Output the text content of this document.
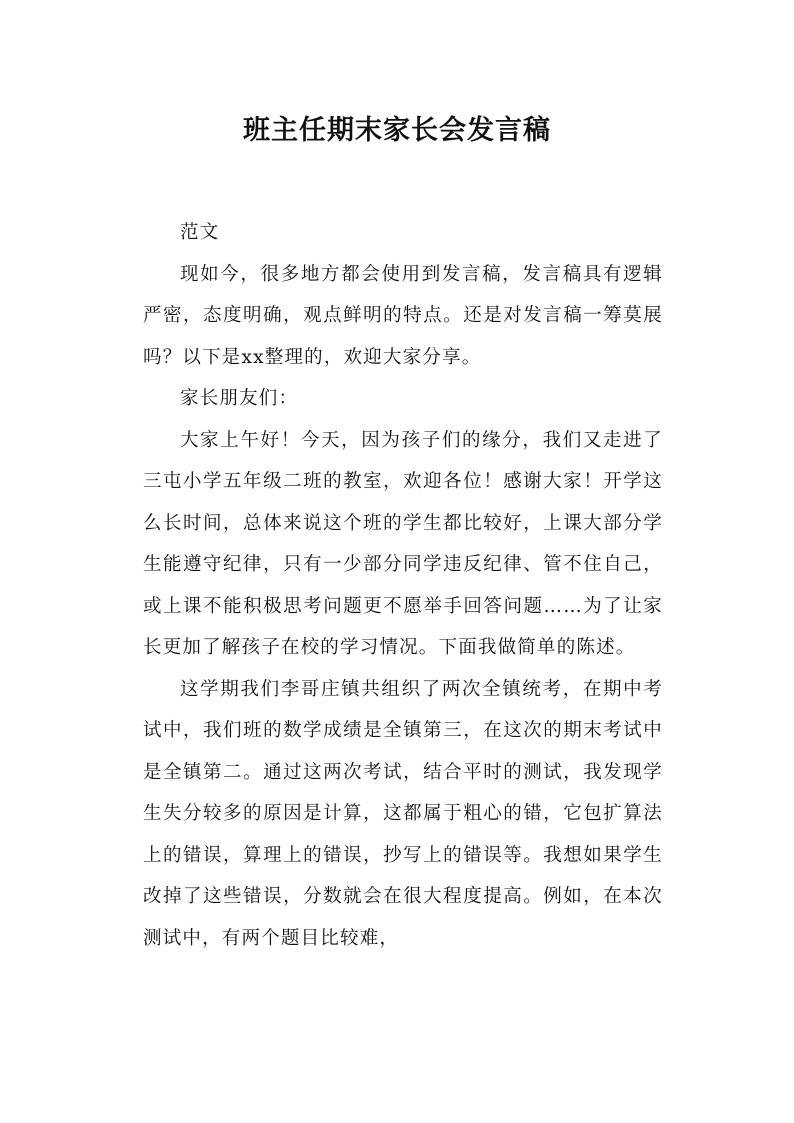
班主任期末家长会发言稿

范文

现如今，很多地方都会使用到发言稿，发言稿具有逻辑严密，态度明确，观点鲜明的特点。还是对发言稿一筹莫展吗？以下是xx整理的，欢迎大家分享。

家长朋友们：

大家上午好！今天，因为孩子们的缘分，我们又走进了三屯小学五年级二班的教室，欢迎各位！感谢大家！开学这么长时间，总体来说这个班的学生都比较好，上课大部分学生能遵守纪律，只有一少部分同学违反纪律、管不住自己，或上课不能积极思考问题更不愿举手回答问题……为了让家长更加了解孩子在校的学习情况。下面我做简单的陈述。

这学期我们李哥庄镇共组织了两次全镇统考，在期中考试中，我们班的数学成绩是全镇第三，在这次的期末考试中是全镇第二。通过这两次考试，结合平时的测试，我发现学生失分较多的原因是计算，这都属于粗心的错，它包扩算法上的错误，算理上的错误，抄写上的错误等。我想如果学生改掉了这些错误，分数就会在很大程度提高。例如，在本次测试中，有两个题目比较难，
